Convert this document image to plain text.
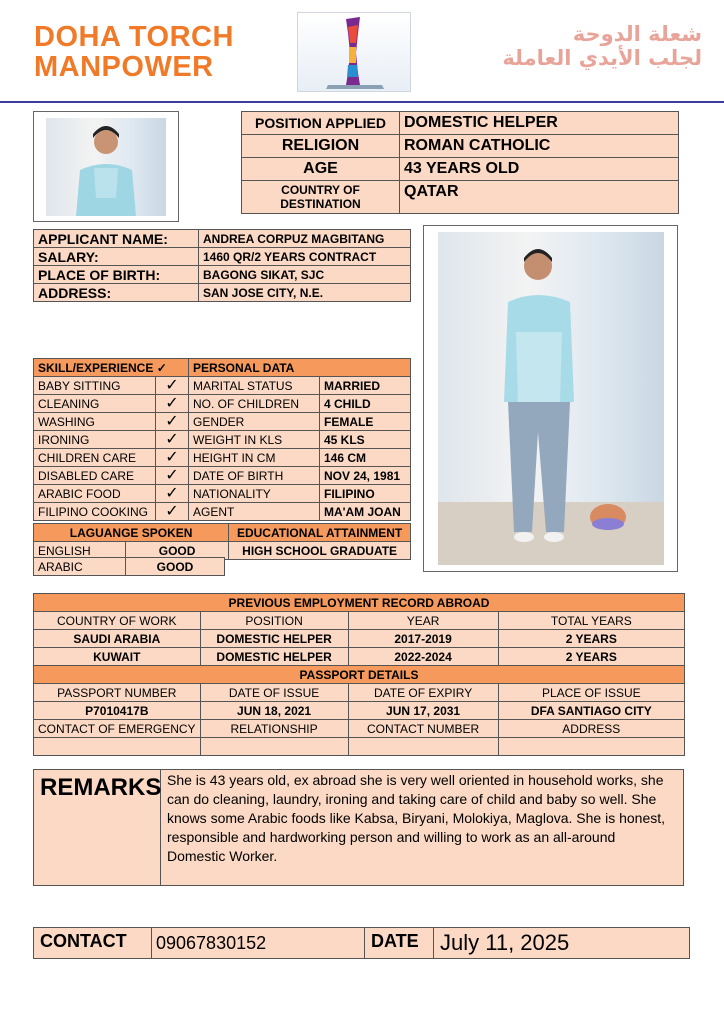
DOHA TORCH
MANPOWER
شعلة الدوحة
لجلب الأيدي العاملة
POSITION APPLIED	DOMESTIC HELPER
RELIGION	ROMAN CATHOLIC
AGE	43 YEARS OLD
COUNTRY OF DESTINATION	QATAR
APPLICANT NAME:	ANDREA CORPUZ MAGBITANG
SALARY:	1460 QR/2 YEARS CONTRACT
PLACE OF BIRTH:	BAGONG SIKAT, SJC
ADDRESS:	SAN JOSE CITY, N.E.
SKILL/EXPERIENCE ✓		PERSONAL DATA	
BABY SITTING	✓	MARITAL STATUS	MARRIED
CLEANING	✓	NO. OF CHILDREN	4 CHILD
WASHING	✓	GENDER	FEMALE
IRONING	✓	WEIGHT IN KLS	45 KLS
CHILDREN CARE	✓	HEIGHT IN CM	146 CM
DISABLED CARE	✓	DATE OF BIRTH	NOV 24, 1981
ARABIC FOOD	✓	NATIONALITY	FILIPINO
FILIPINO COOKING	✓	AGENT	MA'AM JOAN
LAGUANGE SPOKEN		EDUCATIONAL ATTAINMENT
ENGLISH	GOOD	HIGH SCHOOL GRADUATE
ARABIC	GOOD
PREVIOUS EMPLOYMENT RECORD ABROAD			
COUNTRY OF WORK	POSITION	YEAR	TOTAL YEARS
SAUDI ARABIA	DOMESTIC HELPER	2017-2019	2 YEARS
KUWAIT	DOMESTIC HELPER	2022-2024	2 YEARS
PASSPORT DETAILS			
PASSPORT NUMBER	DATE OF ISSUE	DATE OF EXPIRY	PLACE OF ISSUE
P7010417B	JUN 18, 2021	JUN 17, 2031	DFA SANTIAGO CITY
CONTACT OF EMERGENCY	RELATIONSHIP	CONTACT NUMBER	ADDRESS

REMARKS She is 43 years old, ex abroad she is very well oriented in household works, she can do cleaning, laundry, ironing and taking care of child and baby so well. She knows some Arabic foods like Kabsa, Biryani, Molokiya, Maglova. She is honest, responsible and hardworking person and willing to work as an all-around Domestic Worker.
CONTACT	09067830152	DATE July 11, 2025
